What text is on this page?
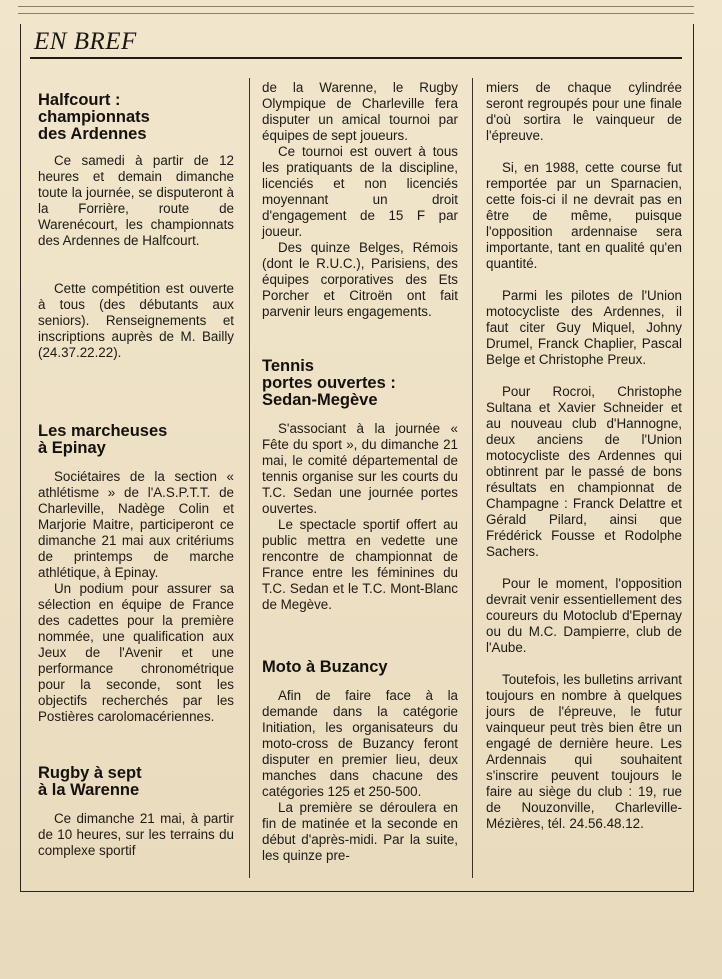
EN BREF
Halfcourt :
championnats
des Ardennes

Ce samedi à partir de 12 heures et demain dimanche toute la journée, se disputeront à la Forrière, route de Warenécourt, les championnats des Ardennes de Halfcourt.

Cette compétition est ouverte à tous (des débutants aux seniors). Renseignements et inscriptions auprès de M. Bailly (24.37.22.22).

Les marcheuses
à Epinay

Sociétaires de la section « athlétisme » de l'A.S.P.T.T. de Charleville, Nadège Colin et Marjorie Maitre, participeront ce dimanche 21 mai aux critériums de printemps de marche athlétique, à Epinay.

Un podium pour assurer sa sélection en équipe de France des cadettes pour la première nommée, une qualification aux Jeux de l'Avenir et une performance chronométrique pour la seconde, sont les objectifs recherchés par les Postières carolomacériennes.

Rugby à sept
à la Warenne

Ce dimanche 21 mai, à partir de 10 heures, sur les terrains du complexe sportif

de la Warenne, le Rugby Olympique de Charleville fera disputer un amical tournoi par équipes de sept joueurs.

Ce tournoi est ouvert à tous les pratiquants de la discipline, licenciés et non licenciés moyennant un droit d'engagement de 15 F par joueur.

Des quinze Belges, Rémois (dont le R.U.C.), Parisiens, des équipes corporatives des Ets Porcher et Citroën ont fait parvenir leurs engagements.

Tennis
portes ouvertes :
Sedan-Megève

S'associant à la journée « Fête du sport », du dimanche 21 mai, le comité départemental de tennis organise sur les courts du T.C. Sedan une journée portes ouvertes.

Le spectacle sportif offert au public mettra en vedette une rencontre de championnat de France entre les féminines du T.C. Sedan et le T.C. Mont-Blanc de Megève.

Moto à Buzancy

Afin de faire face à la demande dans la catégorie Initiation, les organisateurs du moto-cross de Buzancy feront disputer en premier lieu, deux manches dans chacune des catégories 125 et 250-500.

La première se déroulera en fin de matinée et la seconde en début d'après-midi. Par la suite, les quinze pre-

miers de chaque cylindrée seront regroupés pour une finale d'où sortira le vainqueur de l'épreuve.

Si, en 1988, cette course fut remportée par un Sparnacien, cette fois-ci il ne devrait pas en être de même, puisque l'opposition ardennaise sera importante, tant en qualité qu'en quantité.

Parmi les pilotes de l'Union motocycliste des Ardennes, il faut citer Guy Miquel, Johny Drumel, Franck Chaplier, Pascal Belge et Christophe Preux.

Pour Rocroi, Christophe Sultana et Xavier Schneider et au nouveau club d'Hannogne, deux anciens de l'Union motocycliste des Ardennes qui obtinrent par le passé de bons résultats en championnat de Champagne : Franck Delattre et Gérald Pilard, ainsi que Frédérick Fousse et Rodolphe Sachers.

Pour le moment, l'opposition devrait venir essentiellement des coureurs du Motoclub d'Epernay ou du M.C. Dampierre, club de l'Aube.

Toutefois, les bulletins arrivant toujours en nombre à quelques jours de l'épreuve, le futur vainqueur peut très bien être un engagé de dernière heure. Les Ardennais qui souhaitent s'inscrire peuvent toujours le faire au siège du club : 19, rue de Nouzonville, Charleville-Mézières, tél. 24.56.48.12.
